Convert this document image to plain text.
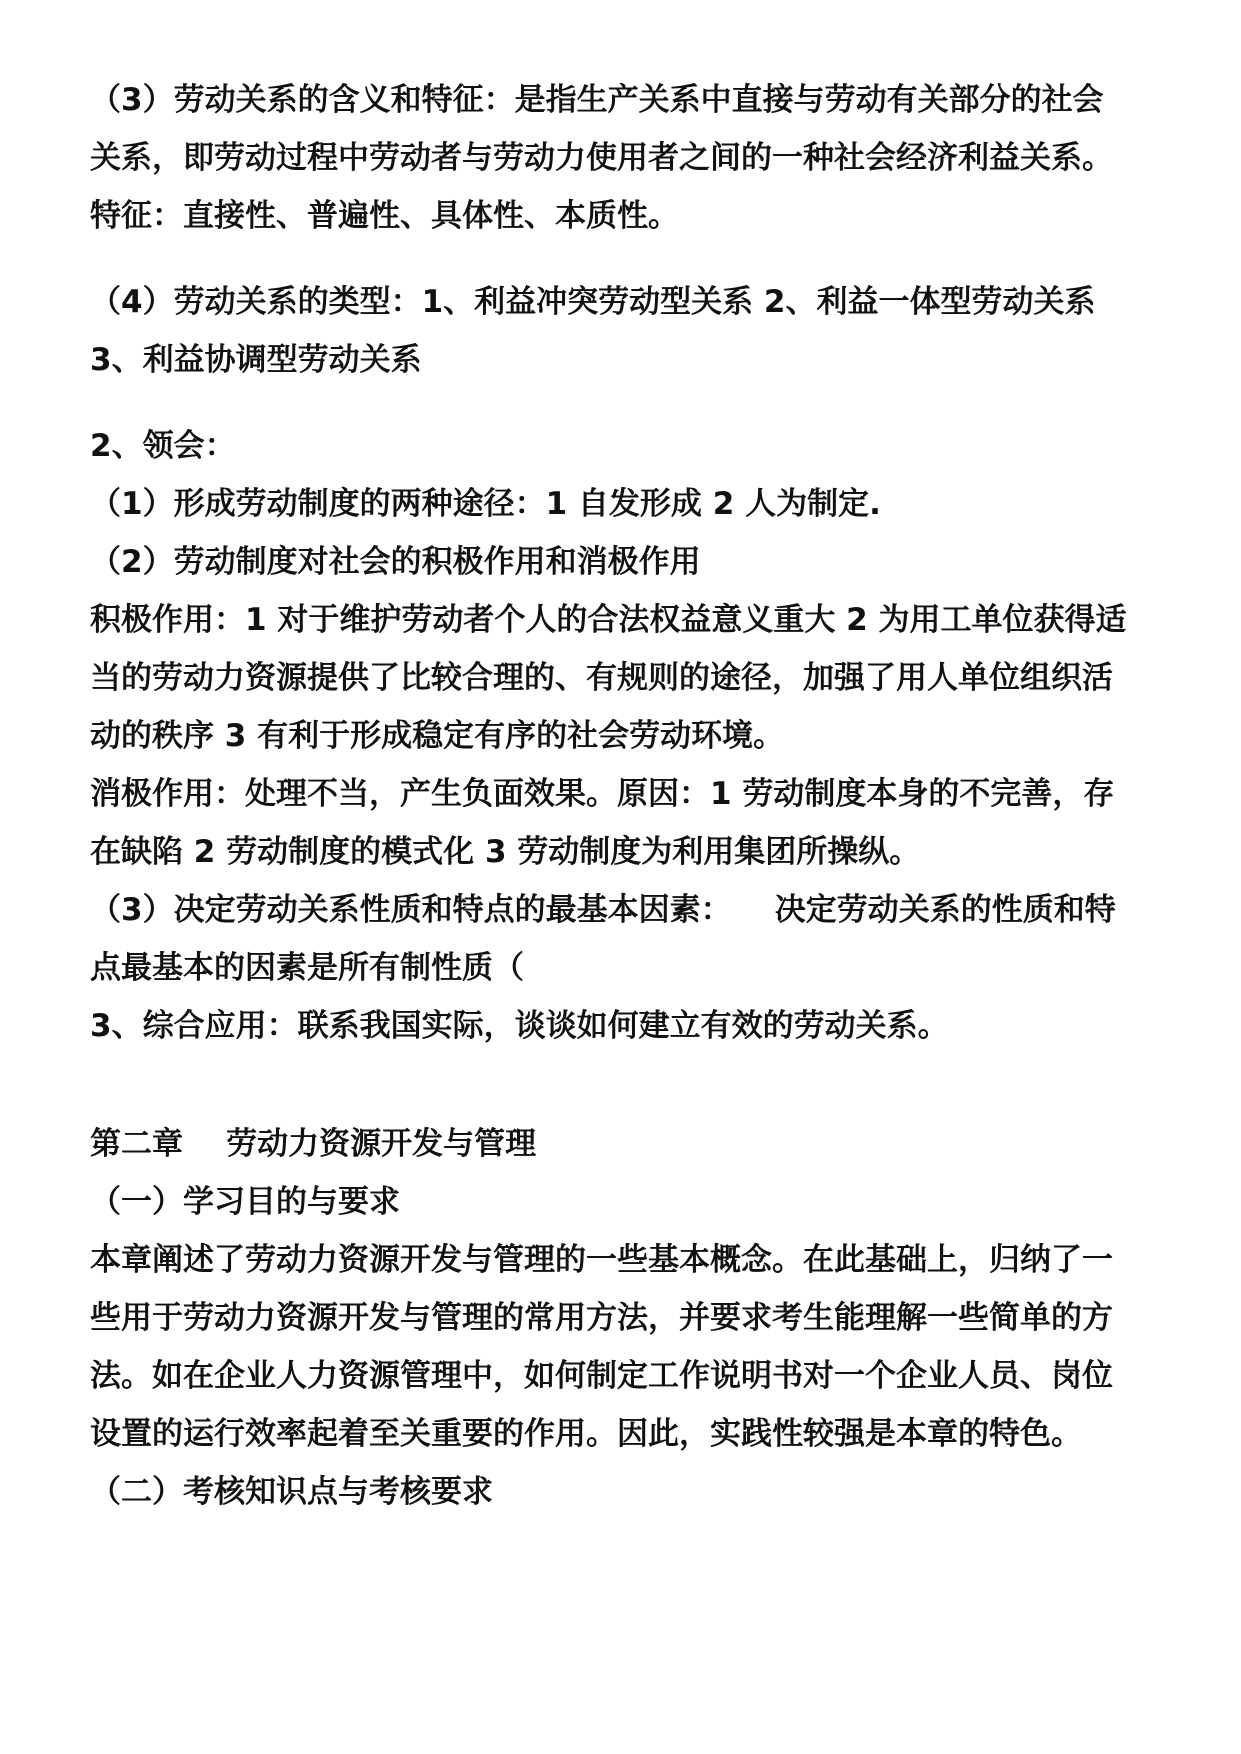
（3）劳动关系的含义和特征：是指生产关系中直接与劳动有关部分的社会

关系，即劳动过程中劳动者与劳动力使用者之间的一种社会经济利益关系。

特征：直接性、普遍性、具体性、本质性。

（4）劳动关系的类型：1、利益冲突劳动型关系 2、利益一体型劳动关系

3、利益协调型劳动关系

2、领会：

（1）形成劳动制度的两种途径：1 自发形成 2 人为制定.

（2）劳动制度对社会的积极作用和消极作用

积极作用：1 对于维护劳动者个人的合法权益意义重大 2 为用工单位获得适

当的劳动力资源提供了比较合理的、有规则的途径，加强了用人单位组织活

动的秩序 3 有利于形成稳定有序的社会劳动环境。

消极作用：处理不当，产生负面效果。原因：1 劳动制度本身的不完善，存

在缺陷 2 劳动制度的模式化 3 劳动制度为利用集团所操纵。

（3）决定劳动关系性质和特点的最基本因素：    决定劳动关系的性质和特

点最基本的因素是所有制性质（

3、综合应用：联系我国实际，谈谈如何建立有效的劳动关系。

第二章    劳动力资源开发与管理

（一）学习目的与要求

本章阐述了劳动力资源开发与管理的一些基本概念。在此基础上，归纳了一

些用于劳动力资源开发与管理的常用方法，并要求考生能理解一些简单的方

法。如在企业人力资源管理中，如何制定工作说明书对一个企业人员、岗位

设置的运行效率起着至关重要的作用。因此，实践性较强是本章的特色。

（二）考核知识点与考核要求
